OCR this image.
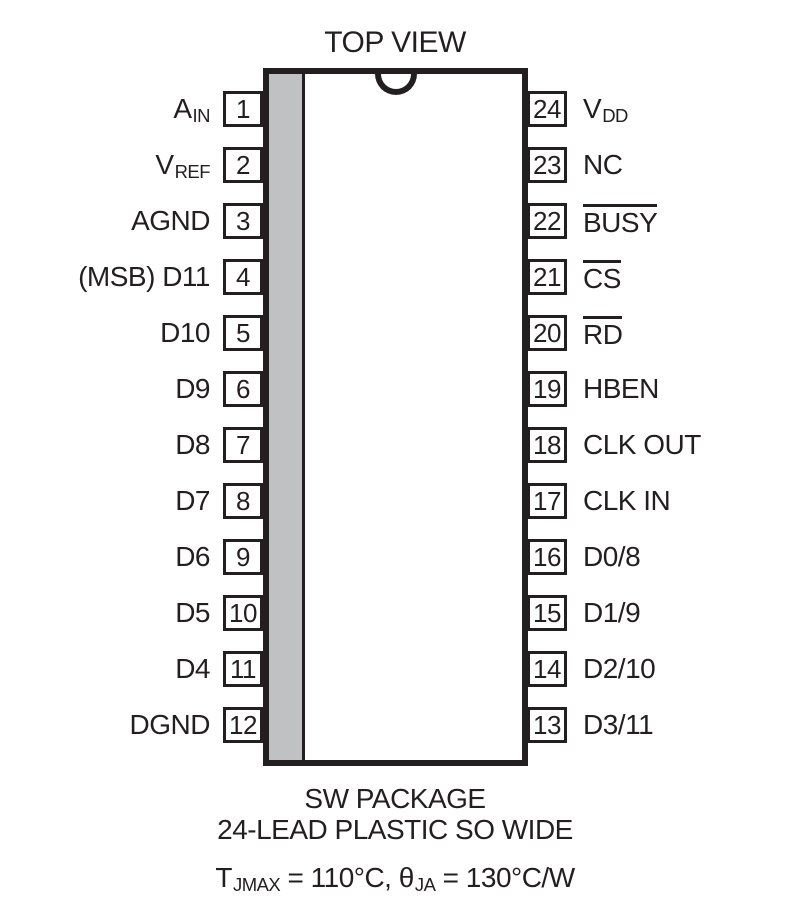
TOP VIEW
AIN 1
VREF 2
AGND 3
(MSB) D11 4
D10 5
D9 6
D8 7
D7 8
D6 9
D5 10
D4 11
DGND 12
VDD
24
NC
23
BUSY
22
CS
21
RD
20
HBEN
19
CLK OUT
18
CLK IN
17
D0/8
16
D1/9
15
D2/10
14
D3/11
13
SW PACKAGE
24-LEAD PLASTIC SO WIDE
TJMAX = 110°C, θJA = 130°C/W
